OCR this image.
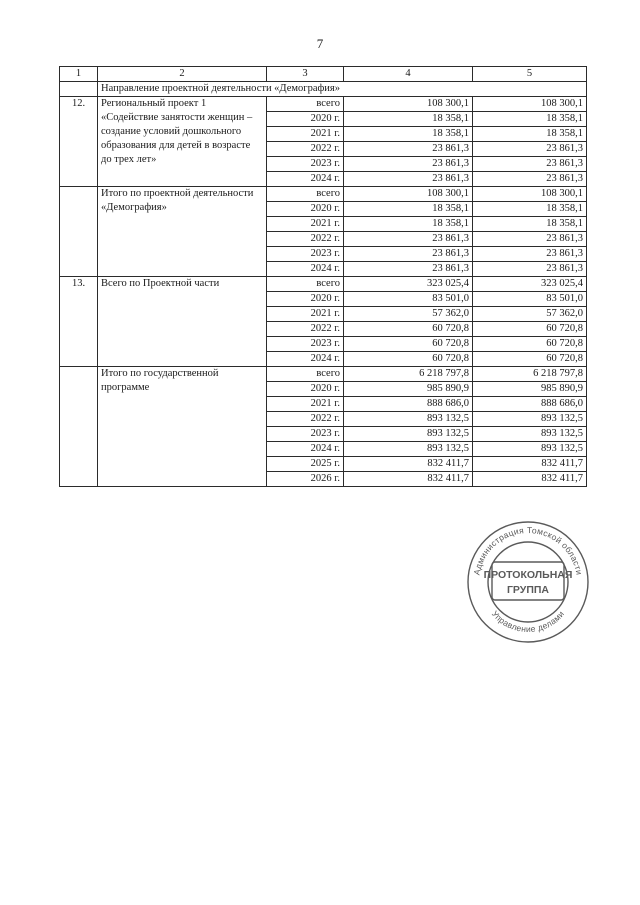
7
1	2	3	4	5
	Направление проектной деятельности «Демография»			
12.	Региональный проект 1 «Содействие занятости женщин – создание условий дошкольного образования для детей в возрасте до трех лет»	всего	108 300,1	108 300,1
		2020 г.	18 358,1	18 358,1
		2021 г.	18 358,1	18 358,1
		2022 г.	23 861,3	23 861,3
		2023 г.	23 861,3	23 861,3
		2024 г.	23 861,3	23 861,3
	Итого по проектной деятельности «Демография»	всего	108 300,1	108 300,1
		2020 г.	18 358,1	18 358,1
		2021 г.	18 358,1	18 358,1
		2022 г.	23 861,3	23 861,3
		2023 г.	23 861,3	23 861,3
		2024 г.	23 861,3	23 861,3
13.	Всего по Проектной части	всего	323 025,4	323 025,4
		2020 г.	83 501,0	83 501,0
		2021 г.	57 362,0	57 362,0
		2022 г.	60 720,8	60 720,8
		2023 г.	60 720,8	60 720,8
		2024 г.	60 720,8	60 720,8
	Итого по государственной программе	всего	6 218 797,8	6 218 797,8
		2020 г.	985 890,9	985 890,9
		2021 г.	888 686,0	888 686,0
		2022 г.	893 132,5	893 132,5
		2023 г.	893 132,5	893 132,5
		2024 г.	893 132,5	893 132,5
		2025 г.	832 411,7	832 411,7
		2026 г.	832 411,7	832 411,7
Администрация Томской области
Управление делами
ПРОТОКОЛЬНАЯ
ГРУППА
